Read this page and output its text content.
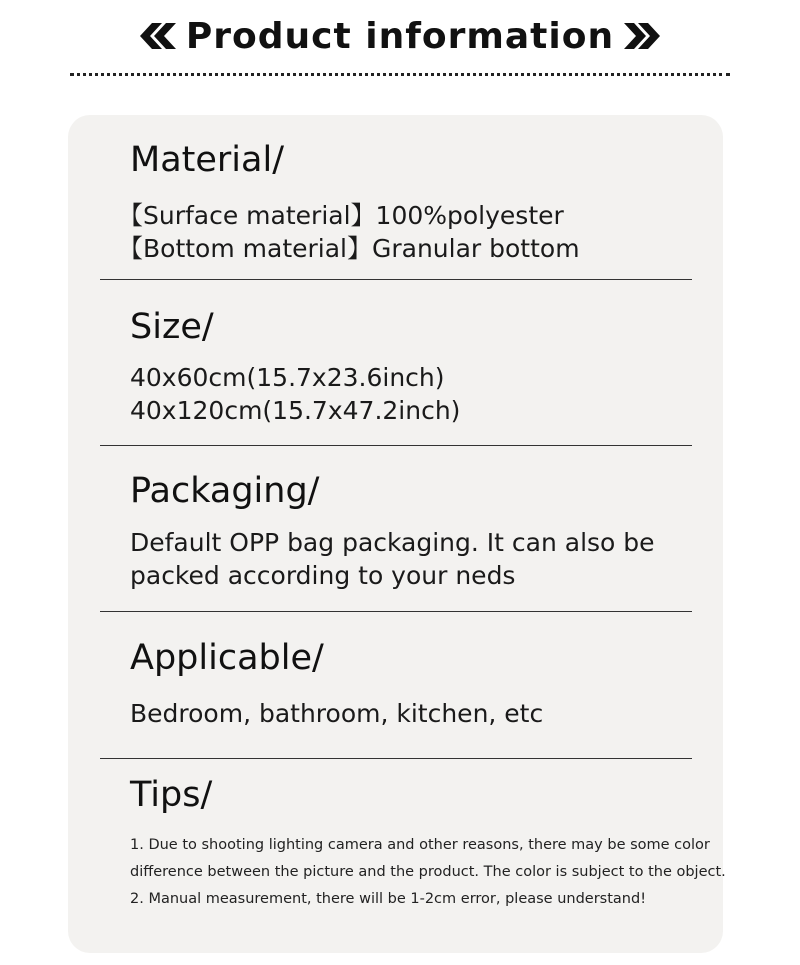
Product information
Material/
【Surface material】100%polyester
【Bottom material】Granular bottom
Size/
40x60cm(15.7x23.6inch)
40x120cm(15.7x47.2inch)
Packaging/
Default OPP bag packaging. It can also be
packed according to your neds
Applicable/
Bedroom, bathroom, kitchen, etc
Tips/
1. Due to shooting lighting camera and other reasons, there may be some color
difference between the picture and the product. The color is subject to the object.
2. Manual measurement, there will be 1-2cm error, please understand!
